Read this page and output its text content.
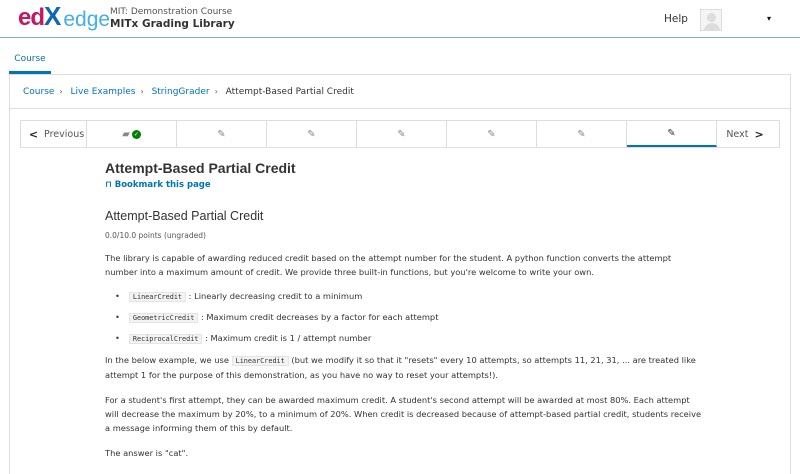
ed X edge MIT: Demonstration Course
MITx Grading Library	Help	▾
Course
Course › Live Examples › StringGrader › Attempt-Based Partial Credit
< Previous	▰ ✓	✎	✎	✎	✎	✎	✎	Next >
Attempt-Based Partial Credit
⊓ Bookmark this page
Attempt-Based Partial Credit
0.0/10.0 points (ungraded)

The library is capable of awarding reduced credit based on the attempt number for the student. A python function converts the attempt number into a maximum amount of credit. We provide three built-in functions, but you're welcome to write your own.

• LinearCredit : Linearly decreasing credit to a minimum
• GeometricCredit : Maximum credit decreases by a factor for each attempt
• ReciprocalCredit : Maximum credit is 1 / attempt number

In the below example, we use LinearCredit (but we modify it so that it "resets" every 10 attempts, so attempts 11, 21, 31, ... are treated like attempt 1 for the purpose of this demonstration, as you have no way to reset your attempts!).

For a student's first attempt, they can be awarded maximum credit. A student's second attempt will be awarded at most 80%. Each attempt will decrease the maximum by 20%, to a minimum of 20%. When credit is decreased because of attempt-based partial credit, students receive a message informing them of this by default.

The answer is "cat".
